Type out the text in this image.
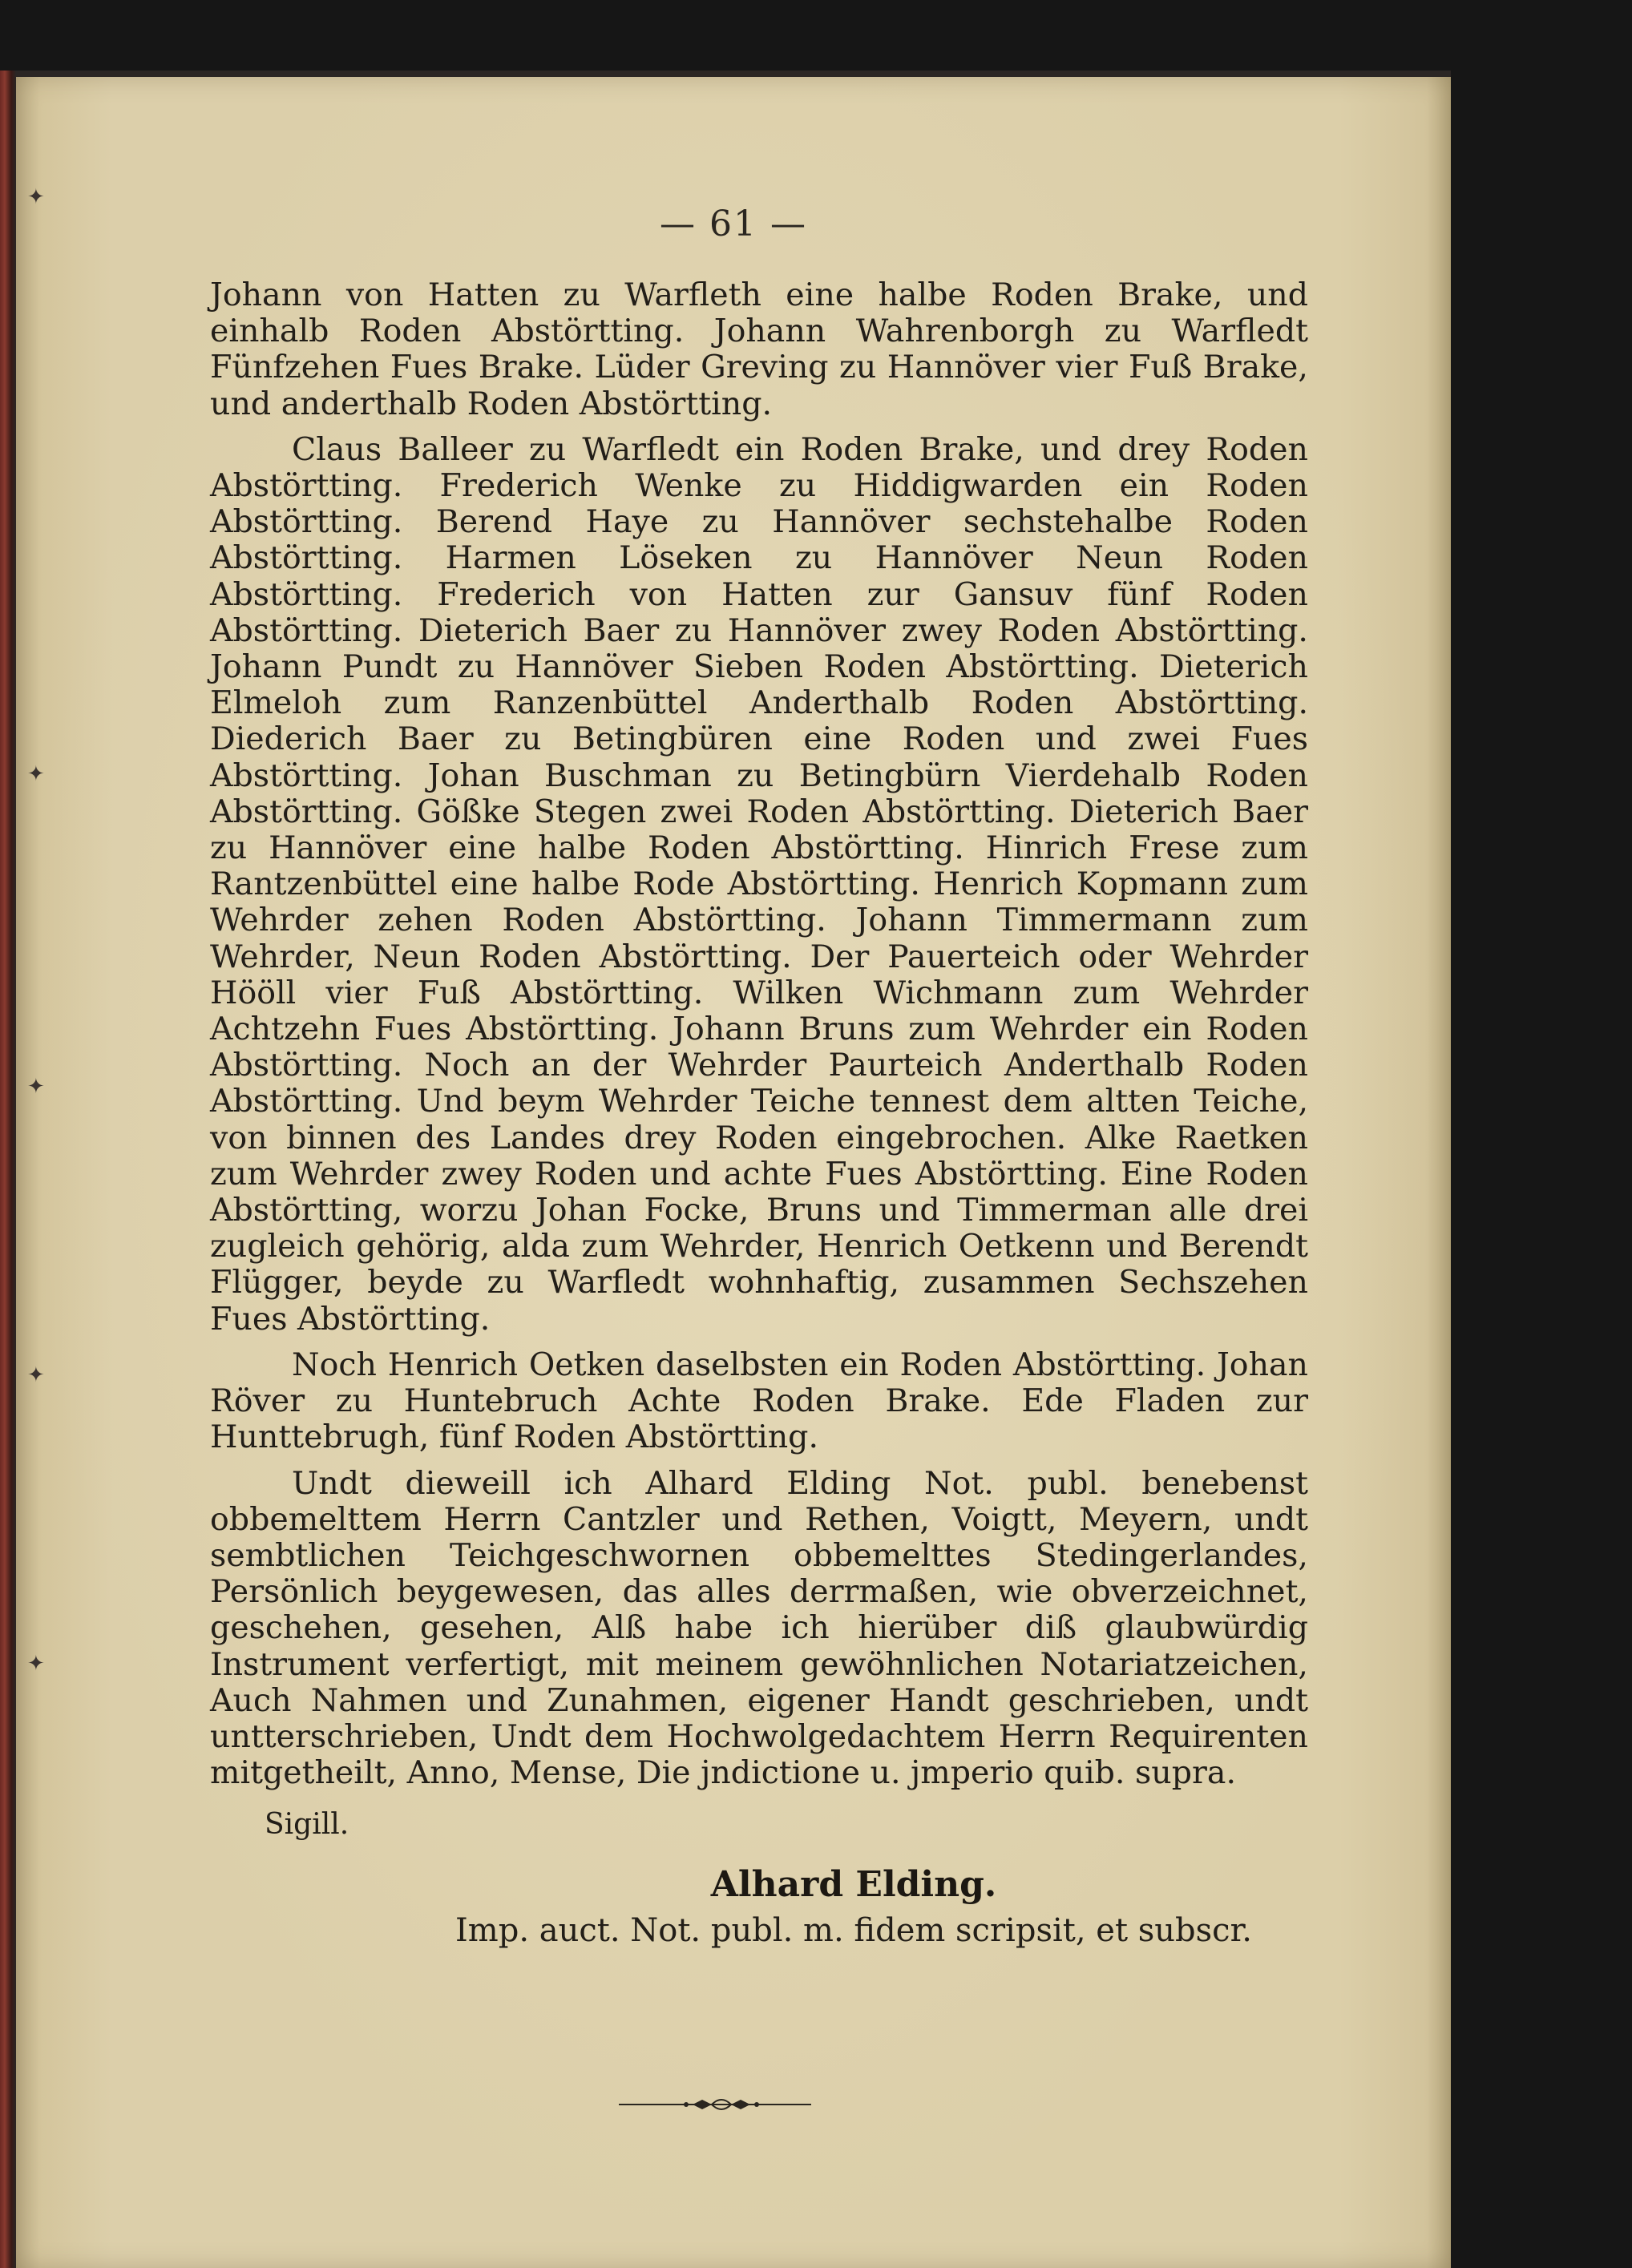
✦
✦
✦
✦
✦
— 61 —

Johann von Hatten zu Warfleth eine halbe Roden Brake, und einhalb Roden Abstörtting. Johann Wahrenborgh zu Warfledt Fünfzehen Fues Brake. Lüder Greving zu Hannöver vier Fuß Brake, und anderthalb Roden Abstörtting.

Claus Balleer zu Warfledt ein Roden Brake, und drey Roden Abstörtting. Frederich Wenke zu Hiddigwarden ein Roden Abstörtting. Berend Haye zu Hannöver sechstehalbe Roden Abstörtting. Harmen Löseken zu Hannöver Neun Roden Abstörtting. Frederich von Hatten zur Gansuv fünf Roden Abstörtting. Dieterich Baer zu Hannöver zwey Roden Abstörtting. Johann Pundt zu Hannöver Sieben Roden Abstörtting. Dieterich Elmeloh zum Ranzenbüttel Anderthalb Roden Abstörtting. Diederich Baer zu Betingbüren eine Roden und zwei Fues Abstörtting. Johan Buschman zu Betingbürn Vierdehalb Roden Abstörtting. Gößke Stegen zwei Roden Abstörtting. Dieterich Baer zu Hannöver eine halbe Roden Abstörtting. Hinrich Frese zum Rantzenbüttel eine halbe Rode Abstörtting. Henrich Kopmann zum Wehrder zehen Roden Abstörtting. Johann Timmermann zum Wehrder, Neun Roden Abstörtting. Der Pauerteich oder Wehrder Hööll vier Fuß Abstörtting. Wilken Wichmann zum Wehrder Achtzehn Fues Abstörtting. Johann Bruns zum Wehrder ein Roden Abstörtting. Noch an der Wehrder Paurteich Anderthalb Roden Abstörtting. Und beym Wehrder Teiche tennest dem altten Teiche, von binnen des Landes drey Roden eingebrochen. Alke Raetken zum Wehrder zwey Roden und achte Fues Abstörtting. Eine Roden Abstörtting, worzu Johan Focke, Bruns und Timmerman alle drei zugleich gehörig, alda zum Wehrder, Henrich Oetkenn und Berendt Flügger, beyde zu Warfledt wohnhaftig, zusammen Sechszehen Fues Abstörtting.

Noch Henrich Oetken daselbsten ein Roden Abstörtting. Johan Röver zu Huntebruch Achte Roden Brake. Ede Fladen zur Hunttebrugh, fünf Roden Abstörtting.

Undt dieweill ich Alhard Elding Not. publ. benebenst obbemelttem Herrn Cantzler und Rethen, Voigtt, Meyern, undt sembtlichen Teichgeschwornen obbemelttes Stedingerlandes, Persönlich beygewesen, das alles derrmaßen, wie obverzeichnet, geschehen, gesehen, Alß habe ich hierüber diß glaubwürdig Instrument verfertigt, mit meinem gewöhnlichen Notariatzeichen, Auch Nahmen und Zunahmen, eigener Handt geschrieben, undt untterschrieben, Undt dem Hochwolgedachtem Herrn Requirenten mitgetheilt, Anno, Mense, Die jndictione u. jmperio quib. supra.

Sigill.
Alhard Elding.
Imp. auct. Not. publ. m. fidem scripsit, et subscr.
